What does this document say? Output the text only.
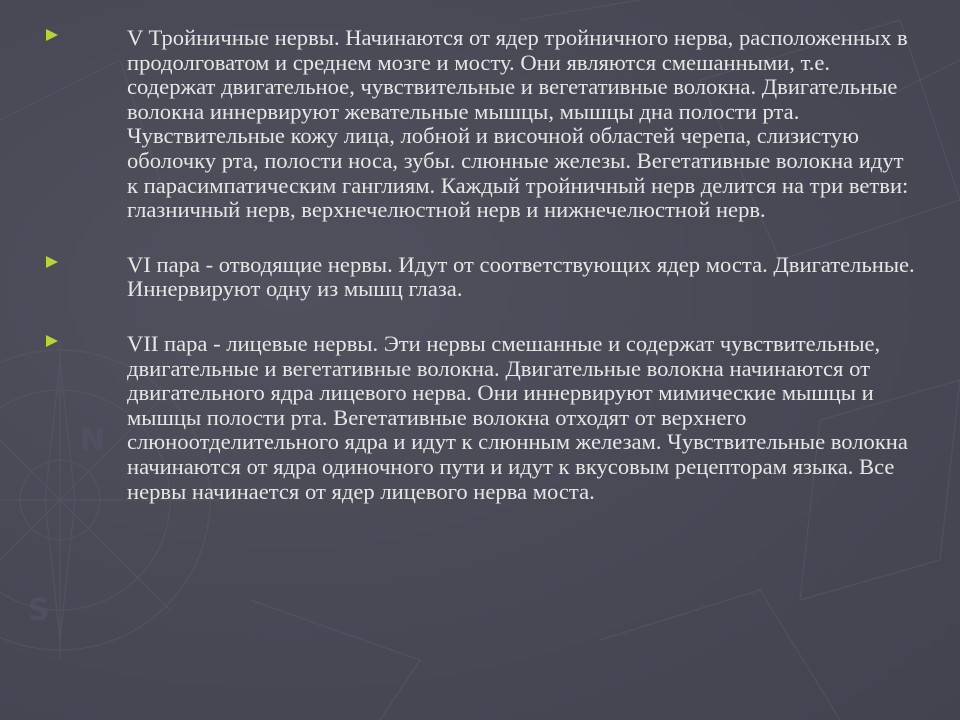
N
S

V Тройничные нервы. Начинаются от ядер тройничного нерва, расположенных в продолговатом и среднем мозге и мосту. Они являются смешанными, т.е. содержат двигательное, чувствительные и вегетативные волокна. Двигательные волокна иннервируют жевательные мышцы, мышцы дна полости рта. Чувствительные кожу лица, лобной и височной областей черепа, слизистую оболочку рта, полости носа, зубы. слюнные железы. Вегетативные волокна идут к парасимпатическим ганглиям. Каждый тройничный нерв делится на три ветви: глазничный нерв, верхнечелюстной нерв и нижнечелюстной нерв.

VI пара - отводящие нервы. Идут от соответствующих ядер моста. Двигательные. Иннервируют одну из мышц глаза.

VII пара - лицевые нервы. Эти нервы смешанные и содержат чувствительные, двигательные и вегетативные волокна. Двигательные волокна начинаются от двигательного ядра лицевого нерва. Они иннервируют мимические мышцы и мышцы полости рта. Вегетативные волокна отходят от верхнего слюноотделительного ядра и идут к слюнным железам. Чувствительные волокна начинаются от ядра одиночного пути и идут к вкусовым рецепторам языка. Все нервы начинается от ядер лицевого нерва моста.
